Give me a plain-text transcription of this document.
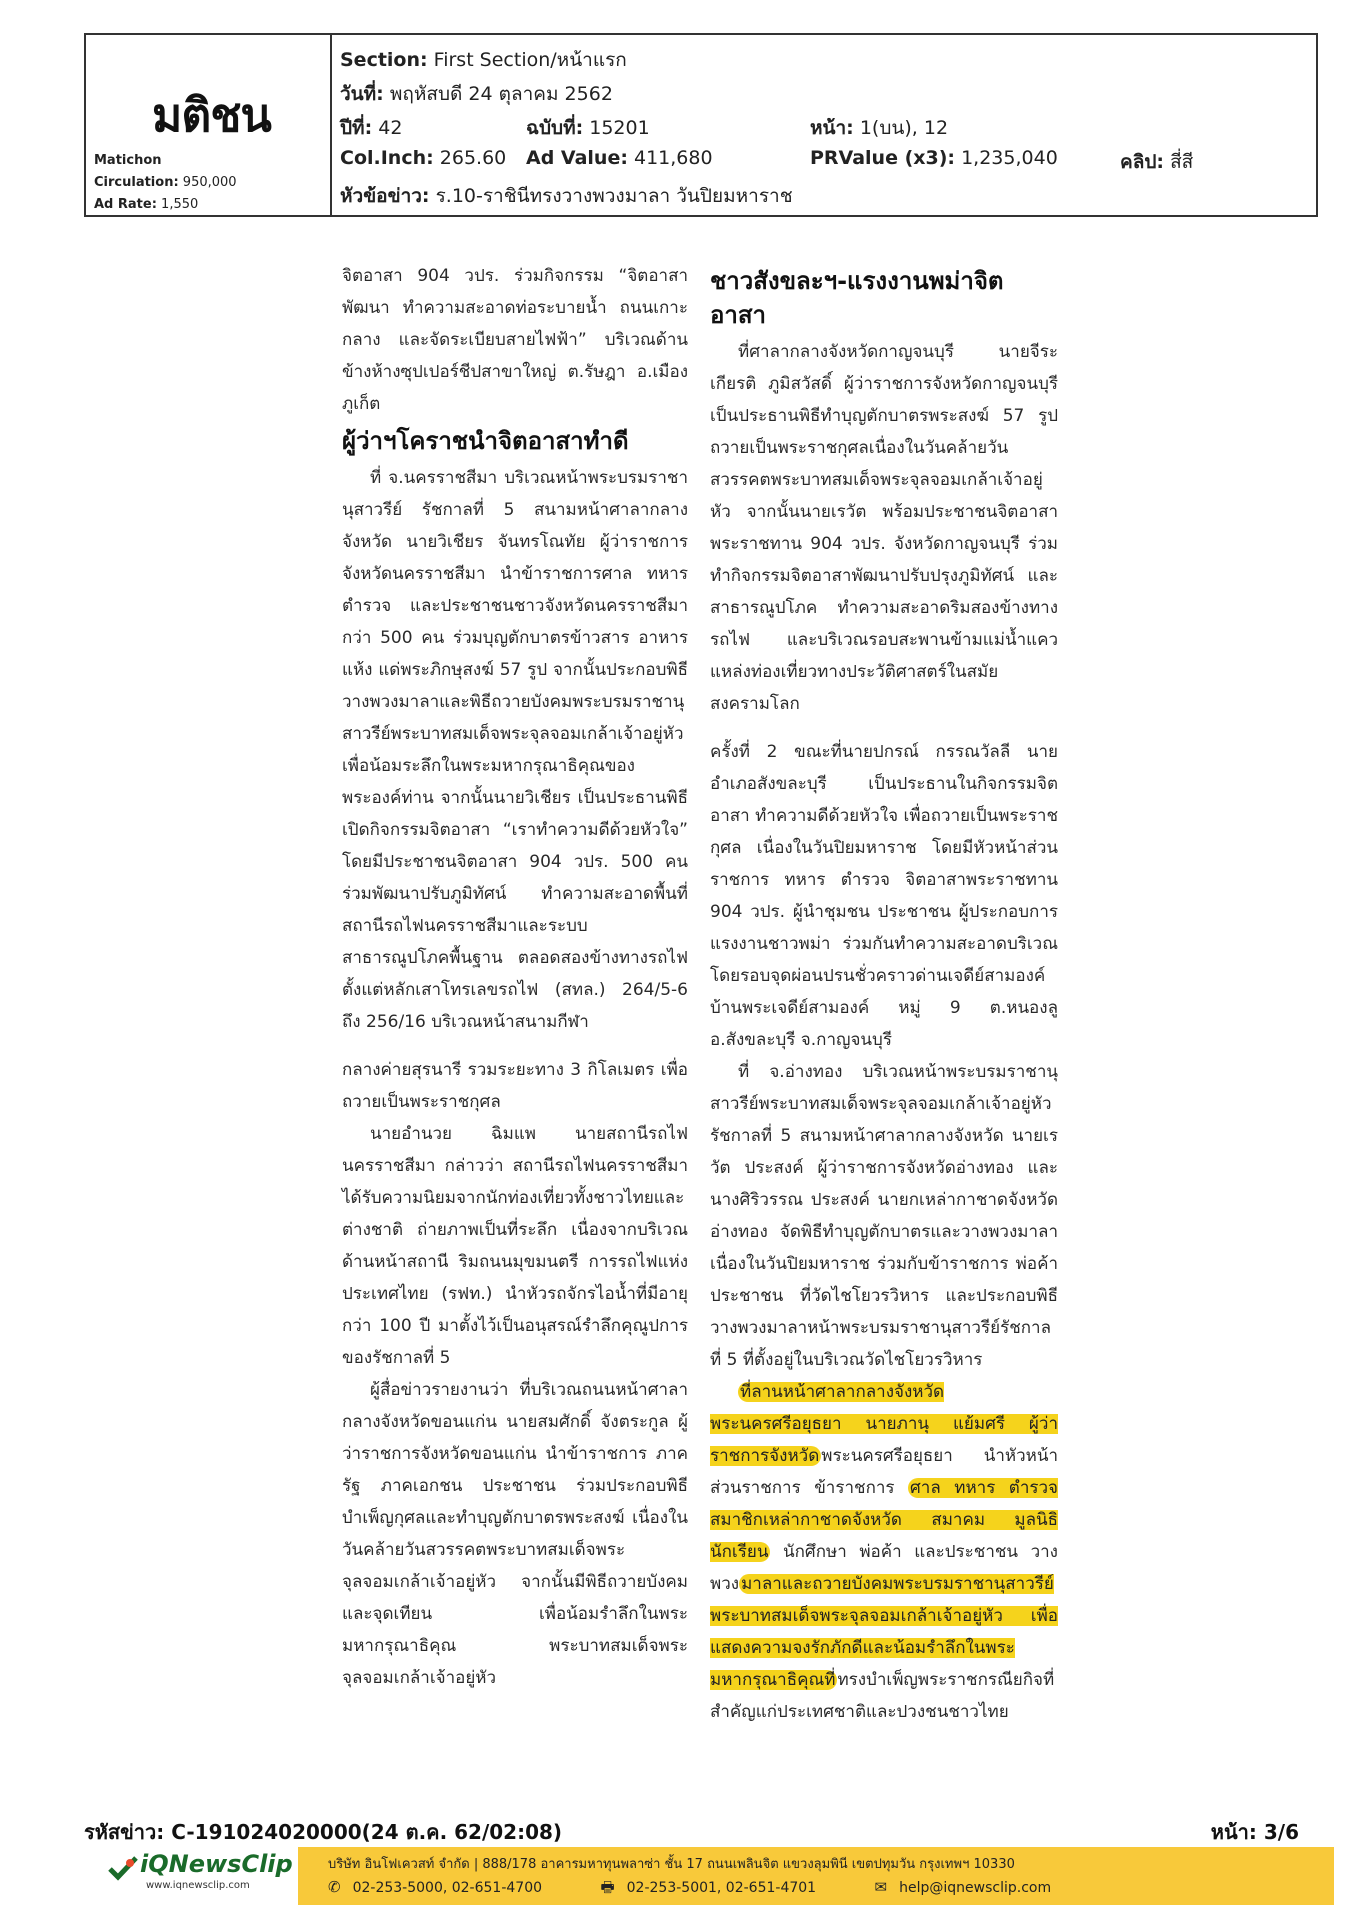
มติชน
Matichon
Circulation: 950,000
Ad Rate: 1,550
Section: First Section/หน้าแรก
วันที่: พฤหัสบดี 24 ตุลาคม 2562
ปีที่: 42	ฉบับที่: 15201	หน้า: 1(บน), 12
Col.Inch: 265.60 Ad Value: 411,680	PRValue (x3): 1,235,040	คลิป: สี่สี
หัวข้อข่าว: ร.10-ราชินีทรงวางพวงมาลา วันปิยมหาราช

จิตอาสา 904 วปร. ร่วมกิจกรรม “จิตอาสาพัฒนา ทำความสะอาดท่อระบายน้ำ ถนนเกาะกลาง และจัดระเบียบสายไฟฟ้า” บริเวณด้านข้างห้างซุปเปอร์ชีปสาขาใหญ่ ต.รัษฎา อ.เมืองภูเก็ต

ผู้ว่าฯโคราชนำจิตอาสาทำดี

ที่ จ.นครราชสีมา บริเวณหน้าพระบรมราชานุสาวรีย์ รัชกาลที่ 5 สนามหน้าศาลากลางจังหวัด นายวิเชียร จันทรโณทัย ผู้ว่าราชการจังหวัดนครราชสีมา นำข้าราชการศาล ทหาร ตำรวจ และประชาชนชาวจังหวัดนครราชสีมากว่า 500 คน ร่วมบุญตักบาตรข้าวสาร อาหารแห้ง แด่พระภิกษุสงฆ์ 57 รูป จากนั้นประกอบพิธีวางพวงมาลาและพิธีถวายบังคมพระบรมราชานุสาวรีย์พระบาทสมเด็จพระจุลจอมเกล้าเจ้าอยู่หัว เพื่อน้อมระลึกในพระมหากรุณาธิคุณของพระองค์ท่าน จากนั้นนายวิเชียร เป็นประธานพิธีเปิดกิจกรรมจิตอาสา “เราทำความดีด้วยหัวใจ” โดยมีประชาชนจิตอาสา 904 วปร. 500 คน ร่วมพัฒนาปรับภูมิทัศน์ ทำความสะอาดพื้นที่สถานีรถไฟนครราชสีมาและระบบสาธารณูปโภคพื้นฐาน ตลอดสองข้างทางรถไฟ ตั้งแต่หลักเสาโทรเลขรถไฟ (สทล.) 264/5-6 ถึง 256/16 บริเวณหน้าสนามกีฬา

กลางค่ายสุรนารี รวมระยะทาง 3 กิโลเมตร เพื่อถวายเป็นพระราชกุศล

นายอำนวย ฉิมแพ นายสถานีรถไฟนครราชสีมา กล่าวว่า สถานีรถไฟนครราชสีมาได้รับความนิยมจากนักท่องเที่ยวทั้งชาวไทยและต่างชาติ ถ่ายภาพเป็นที่ระลึก เนื่องจากบริเวณด้านหน้าสถานี ริมถนนมุขมนตรี การรถไฟแห่งประเทศไทย (รฟท.) นำหัวรถจักรไอน้ำที่มีอายุกว่า 100 ปี มาตั้งไว้เป็นอนุสรณ์รำลึกคุณูปการของรัชกาลที่ 5

ผู้สื่อข่าวรายงานว่า ที่บริเวณถนนหน้าศาลากลางจังหวัดขอนแก่น นายสมศักดิ์ จังตระกูล ผู้ว่าราชการจังหวัดขอนแก่น นำข้าราชการ ภาครัฐ ภาคเอกชน ประชาชน ร่วมประกอบพิธีบำเพ็ญกุศลและทำบุญตักบาตรพระสงฆ์ เนื่องในวันคล้ายวันสวรรคตพระบาทสมเด็จพระจุลจอมเกล้าเจ้าอยู่หัว จากนั้นมีพิธีถวายบังคมและจุดเทียน เพื่อน้อมรำลึกในพระมหากรุณาธิคุณ พระบาทสมเด็จพระจุลจอมเกล้าเจ้าอยู่หัว

ชาวสังขละฯ-แรงงานพม่าจิตอาสา

ที่ศาลากลางจังหวัดกาญจนบุรี นายจีระเกียรติ ภูมิสวัสดิ์ ผู้ว่าราชการจังหวัดกาญจนบุรี เป็นประธานพิธีทำบุญตักบาตรพระสงฆ์ 57 รูป ถวายเป็นพระราชกุศลเนื่องในวันคล้ายวันสวรรคตพระบาทสมเด็จพระจุลจอมเกล้าเจ้าอยู่หัว จากนั้นนายเรวัต พร้อมประชาชนจิตอาสาพระราชทาน 904 วปร. จังหวัดกาญจนบุรี ร่วมทำกิจกรรมจิตอาสาพัฒนาปรับปรุงภูมิทัศน์ และสาธารณูปโภค ทำความสะอาดริมสองข้างทางรถไฟ และบริเวณรอบสะพานข้ามแม่น้ำแคว แหล่งท่องเที่ยวทางประวัติศาสตร์ในสมัยสงครามโลก

ครั้งที่ 2 ขณะที่นายปกรณ์ กรรณวัลลี นายอำเภอสังขละบุรี เป็นประธานในกิจกรรมจิตอาสา ทำความดีด้วยหัวใจ เพื่อถวายเป็นพระราชกุศล เนื่องในวันปิยมหาราช โดยมีหัวหน้าส่วนราชการ ทหาร ตำรวจ จิตอาสาพระราชทาน 904 วปร. ผู้นำชุมชน ประชาชน ผู้ประกอบการ แรงงานชาวพม่า ร่วมกันทำความสะอาดบริเวณโดยรอบจุดผ่อนปรนชั่วคราวด่านเจดีย์สามองค์ บ้านพระเจดีย์สามองค์ หมู่ 9 ต.หนองลู อ.สังขละบุรี จ.กาญจนบุรี

ที่ จ.อ่างทอง บริเวณหน้าพระบรมราชานุสาวรีย์พระบาทสมเด็จพระจุลจอมเกล้าเจ้าอยู่หัว รัชกาลที่ 5 สนามหน้าศาลากลางจังหวัด นายเรวัต ประสงค์ ผู้ว่าราชการจังหวัดอ่างทอง และนางศิริวรรณ ประสงค์ นายกเหล่ากาชาดจังหวัดอ่างทอง จัดพิธีทำบุญตักบาตรและวางพวงมาลา เนื่องในวันปิยมหาราช ร่วมกับข้าราชการ พ่อค้า ประชาชน ที่วัดไชโยวรวิหาร และประกอบพิธีวางพวงมาลาหน้าพระบรมราชานุสาวรีย์รัชกาลที่ 5 ที่ตั้งอยู่ในบริเวณวัดไชโยวรวิหาร

ที่ลานหน้าศาลากลางจังหวัดพระนครศรีอยุธยา นายภานุ แย้มศรี ผู้ว่าราชการจังหวัด พระนครศรีอยุธยา นำหัวหน้าส่วนราชการ ข้าราชการ ศาล ทหาร ตำรวจ สมาชิกเหล่ากาชาดจังหวัด สมาคม มูลนิธิ นักเรียน นักศึกษา พ่อค้า และประชาชน วางพวง มาลาและถวายบังคมพระบรมราชานุสาวรีย์พระบาทสมเด็จพระจุลจอมเกล้าเจ้าอยู่หัว เพื่อแสดงความจงรักภักดีและน้อมรำลึกในพระมหากรุณาธิคุณที่ ทรงบำเพ็ญพระราชกรณียกิจที่สำคัญแก่ประเทศชาติและปวงชนชาวไทย

รหัสข่าว: C-191024020000(24 ต.ค. 62/02:08)	หน้า: 3/6
iQNewsClip
www.iqnewsclip.com
บริษัท อินโฟเควสท์ จำกัด | 888/178 อาคารมหาทุนพลาซ่า ชั้น 17 ถนนเพลินจิต แขวงลุมพินี เขตปทุมวัน กรุงเทพฯ 10330
✆ 02-253-5000, 02-651-4700	🖶 02-253-5001, 02-651-4701	✉ help@iqnewsclip.com
